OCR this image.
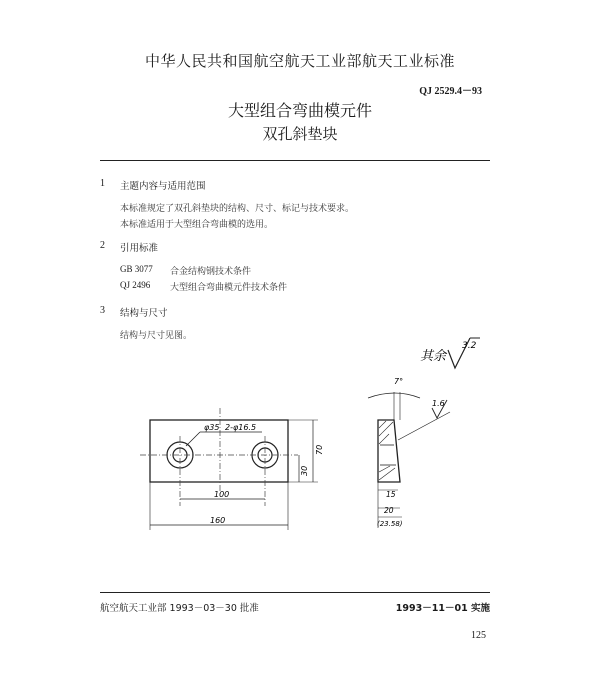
中华人民共和国航空航天工业部航天工业标准
QJ 2529.4－93
大型组合弯曲模元件
双孔斜垫块
1 主题内容与适用范围
本标准规定了双孔斜垫块的结构、尺寸、标记与技术要求。
本标准适用于大型组合弯曲模的选用。
2 引用标准
GB 3077 合金结构钢技术条件
QJ 2496 大型组合弯曲模元件技术条件
3 结构与尺寸
结构与尺寸见图。
其余
3.2
φ35 2-φ16.5
70
30
100
160
7°
1.6
15
20
(23.58)
航空航天工业部 1993－03－30 批准	1993－11－01 实施
125
